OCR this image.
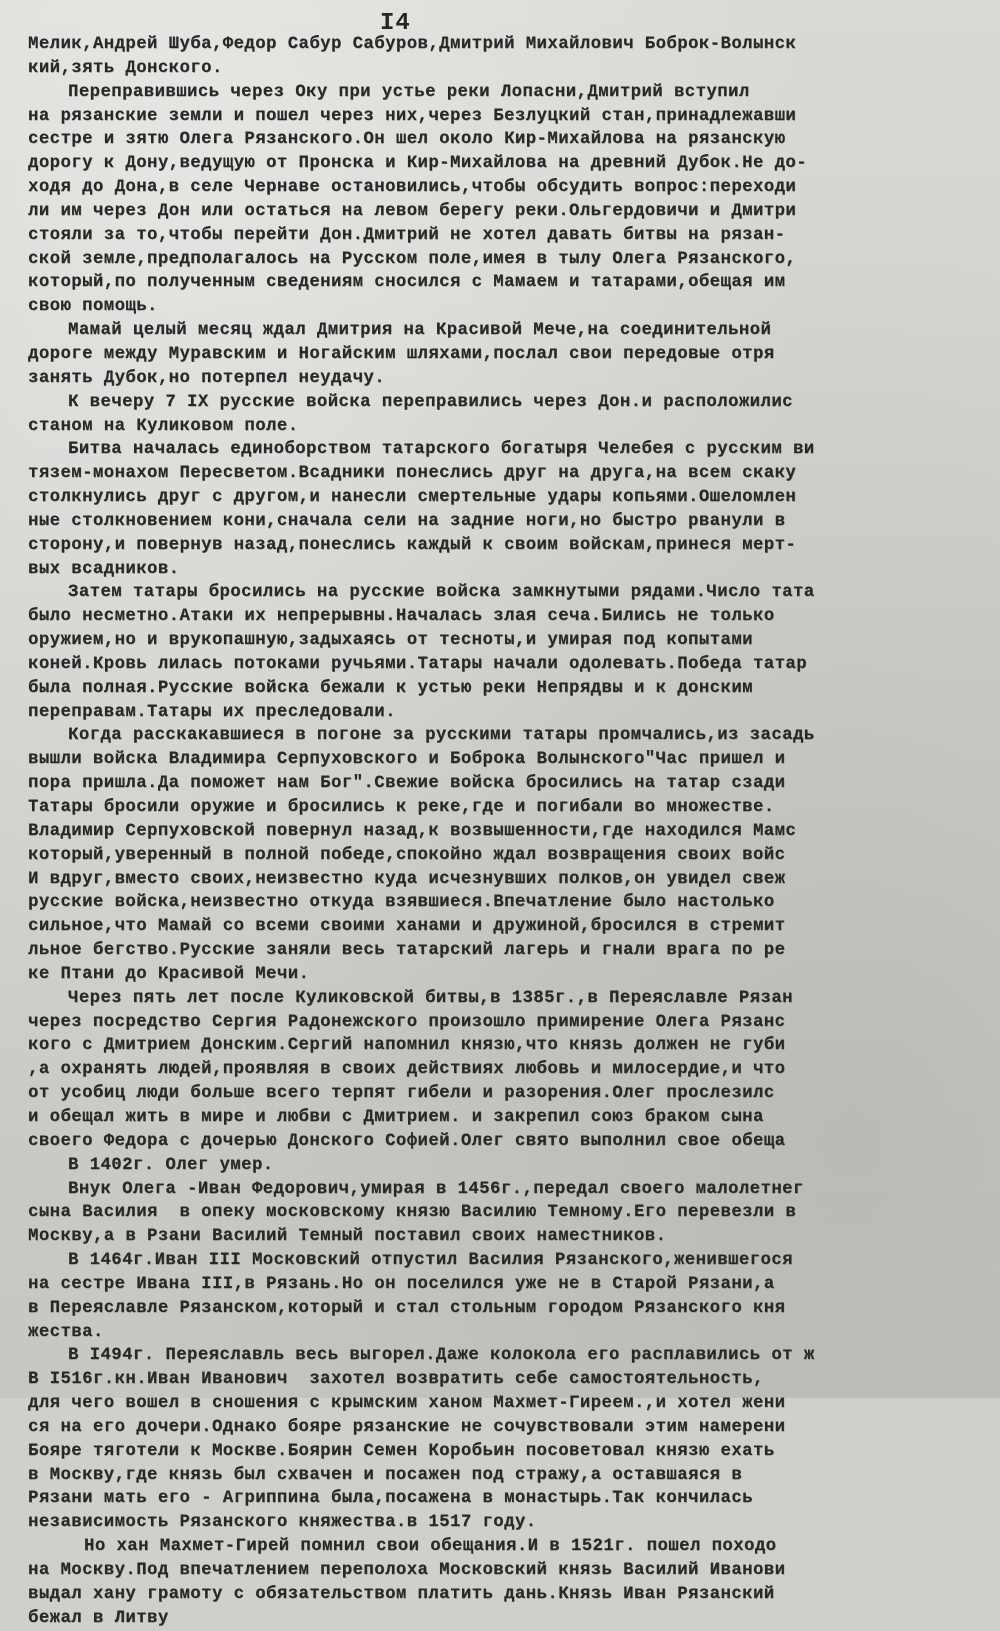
I4
Мелик,Андрей Шуба,Федор Сабур Сабуров,Дмитрий Михайлович Боброк-Волынск
кий,зять Донского.
Переправившись через Оку при устье реки Лопасни,Дмитрий вступил
на рязанские земли и пошел через них,через Безлуцкий стан,принадлежавши
сестре и зятю Олега Рязанского.Он шел около Кир-Михайлова на рязанскую
дорогу к Дону,ведущую от Пронска и Кир-Михайлова на древний Дубок.Не до-
ходя до Дона,в селе Чернаве остановились,чтобы обсудить вопрос:переходи
ли им через Дон или остаться на левом берегу реки.Ольгердовичи и Дмитри
стояли за то,чтобы перейти Дон.Дмитрий не хотел давать битвы на рязан-
ской земле,предполагалось на Русском поле,имея в тылу Олега Рязанского,
который,по полученным сведениям сносился с Мамаем и татарами,обещая им
свою помощь.
Мамай целый месяц ждал Дмитрия на Красивой Мече,на соединительной
дороге между Муравским и Ногайским шляхами,послал свои передовые отря
занять Дубок,но потерпел неудачу.
К вечеру 7 IX русские войска переправились через Дон.и расположилис
станом на Куликовом поле.
Битва началась единоборством татарского богатыря Челебея с русским ви
тязем-монахом Пересветом.Всадники понеслись друг на друга,на всем скаку
столкнулись друг с другом,и нанесли смертельные удары копьями.Ошеломлен
ные столкновением кони,сначала сели на задние ноги,но быстро рванули в
сторону,и повернув назад,понеслись каждый к своим войскам,принеся мерт-
вых всадников.
Затем татары бросились на русские войска замкнутыми рядами.Число тата
было несметно.Атаки их непрерывны.Началась злая сеча.Бились не только
оружием,но и врукопашную,задыхаясь от тесноты,и умирая под копытами
коней.Кровь лилась потоками ручьями.Татары начали одолевать.Победа татар
была полная.Русские войска бежали к устью реки Непрядвы и к донским
переправам.Татары их преследовали.
Когда расскакавшиеся в погоне за русскими татары промчались,из засадь
вышли войска Владимира Серпуховского и Боброка Волынского"Час пришел и
пора пришла.Да поможет нам Бог".Свежие войска бросились на татар сзади
Татары бросили оружие и бросились к реке,где и погибали во множестве.
Владимир Серпуховской повернул назад,к возвышенности,где находился Мамс
который,уверенный в полной победе,спокойно ждал возвращения своих войс
И вдруг,вместо своих,неизвестно куда исчезнувших полков,он увидел свеж
русские войска,неизвестно откуда взявшиеся.Впечатление было настолько
сильное,что Мамай со всеми своими ханами и дружиной,бросился в стремит
льное бегство.Русские заняли весь татарский лагерь и гнали врага по ре
ке Птани до Красивой Мечи.
Через пять лет после Куликовской битвы,в 1385г.,в Переяславле Рязан
через посредство Сергия Радонежского произошло примирение Олега Рязанс
кого с Дмитрием Донским.Сергий напомнил князю,что князь должен не губи
,а охранять людей,проявляя в своих действиях любовь и милосердие,и что
от усобиц люди больше всего терпят гибели и разорения.Олег прослезилс
и обещал жить в мире и любви с Дмитрием. и закрепил союз браком сына
своего Федора с дочерью Донского Софией.Олег свято выполнил свое обеща
В 1402г. Олег умер.
Внук Олега -Иван Федорович,умирая в 1456г.,передал своего малолетнег
сына Василия  в опеку московскому князю Василию Темному.Его перевезли в
Москву,а в Рзани Василий Темный поставил своих наместников.
В 1464г.Иван III Московский отпустил Василия Рязанского,женившегося
на сестре Ивана III,в Рязань.Но он поселился уже не в Старой Рязани,а
в Переяславле Рязанском,который и стал стольным городом Рязанского кня
жества.
В I494г. Переяславль весь выгорел.Даже колокола его расплавились от ж
В I516г.кн.Иван Иванович  захотел возвратить себе самостоятельность,
для чего вошел в сношения с крымским ханом Махмет-Гиреем.,и хотел жени
ся на его дочери.Однако бояре рязанские не сочувствовали этим намерени
Бояре тяготели к Москве.Боярин Семен Коробьин посоветовал князю ехать
в Москву,где князь был схвачен и посажен под стражу,а оставшаяся в
Рязани мать его - Агриппина была,посажена в монастырь.Так кончилась
независимость Рязанского княжества.в 1517 году.
Но хан Махмет-Гирей помнил свои обещания.И в 1521г. пошел походо
на Москву.Под впечатлением переполоха Московский князь Василий Иванови
выдал хану грамоту с обязательством платить дань.Князь Иван Рязанский
бежал в Литву
